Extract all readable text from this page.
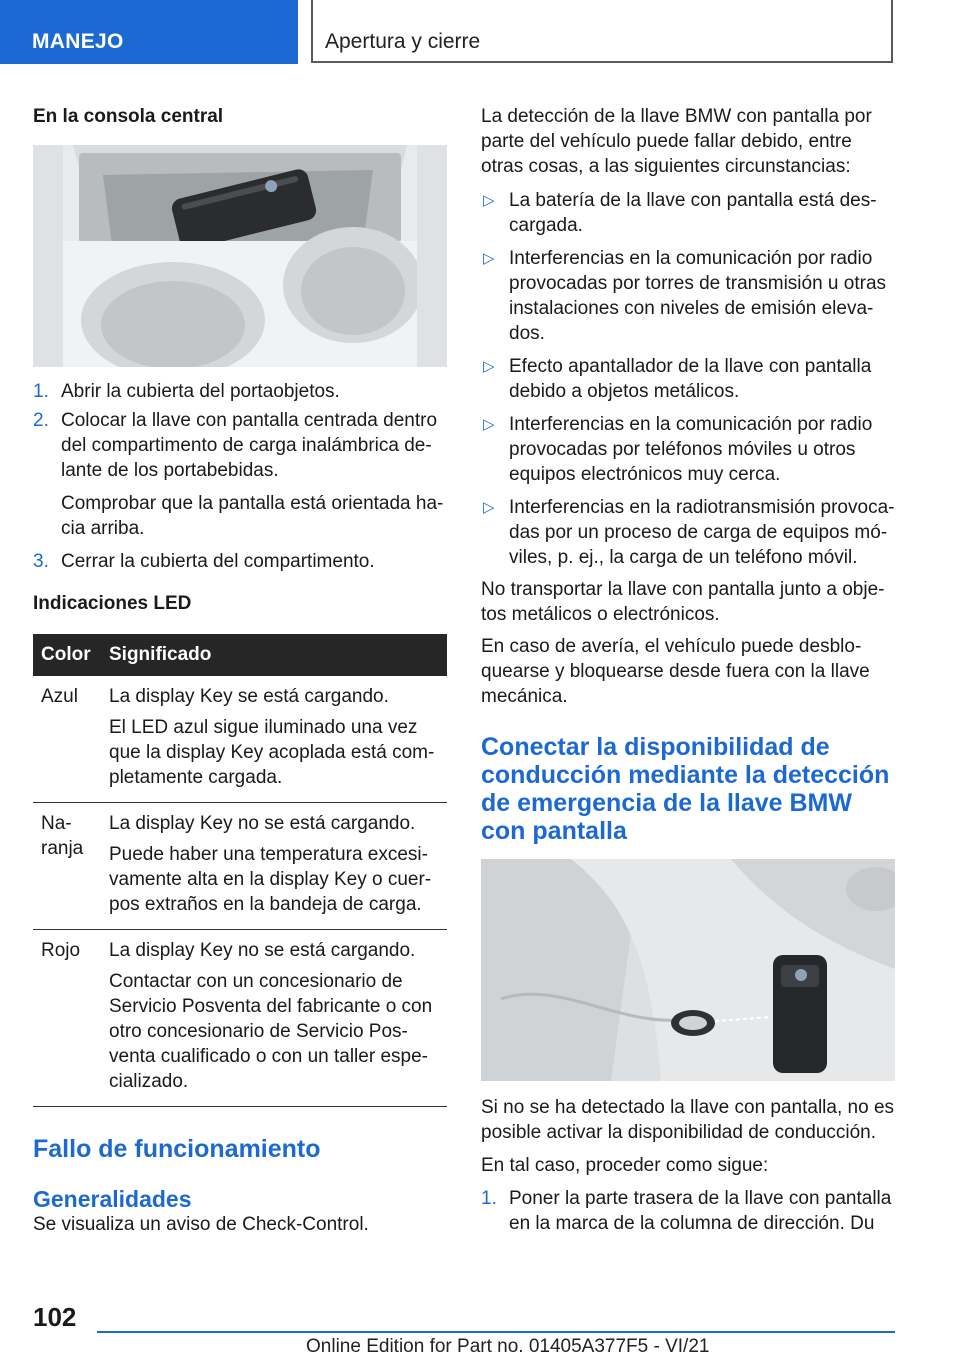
MANEJO	Apertura y cierre

En la consola central

1. Abrir la cubierta del portaobjetos.
2. Colocar la llave con pantalla centrada dentro del compartimento de carga inalámbrica delante de los portabebidas.

Comprobar que la pantalla está orientada hacia arriba.

3. Cerrar la cubierta del compartimento.

Indicaciones LED

Color	Significado
Azul	La display Key se está cargando.

El LED azul sigue iluminado una vez que la display Key acoplada está completamente cargada.

Naranja	La display Key no se está cargando.

Puede haber una temperatura excesivamente alta en la display Key o cuerpos extraños en la bandeja de carga.

Rojo	La display Key no se está cargando.

Contactar con un concesionario de Servicio Posventa del fabricante o con otro concesionario de Servicio Posventa cualificado o con un taller especializado.

Fallo de funcionamiento
Generalidades

Se visualiza un aviso de Check-Control.

La detección de la llave BMW con pantalla por parte del vehículo puede fallar debido, entre otras cosas, a las siguientes circunstancias:

▷ La batería de la llave con pantalla está descargada.
▷ Interferencias en la comunicación por radio provocadas por torres de transmisión u otras instalaciones con niveles de emisión elevados.
▷ Efecto apantallador de la llave con pantalla debido a objetos metálicos.
▷ Interferencias en la comunicación por radio provocadas por teléfonos móviles u otros equipos electrónicos muy cerca.
▷ Interferencias en la radiotransmisión provocadas por un proceso de carga de equipos móviles, p. ej., la carga de un teléfono móvil.

No transportar la llave con pantalla junto a objetos metálicos o electrónicos.

En caso de avería, el vehículo puede desbloquearse y bloquearse desde fuera con la llave mecánica.

Conectar la disponibilidad de conducción mediante la detección de emergencia de la llave BMW con pantalla

Si no se ha detectado la llave con pantalla, no es posible activar la disponibilidad de conducción.

En tal caso, proceder como sigue:

1. Poner la parte trasera de la llave con pantalla en la marca de la columna de dirección. Du
102
Online Edition for Part no. 01405A377F5 - VI/21
